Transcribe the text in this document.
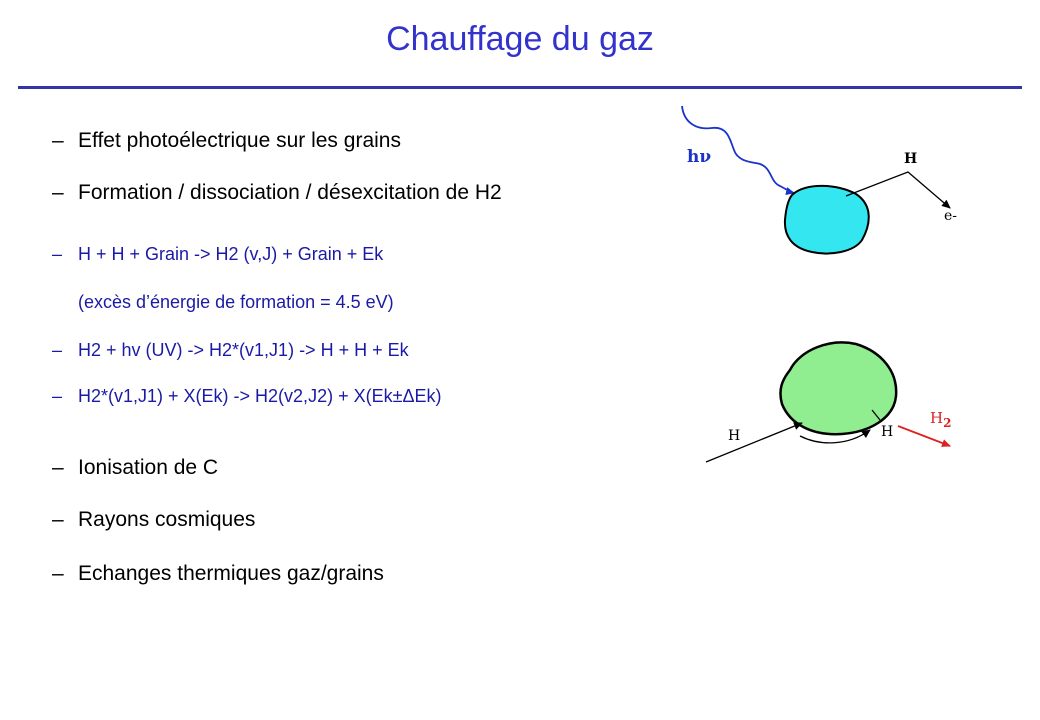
Chauffage du gaz
– Effet photoélectrique sur les grains
– Formation / dissociation / désexcitation de H2
– H + H + Grain -> H2 (v,J) + Grain + Ek
(excès d’énergie de formation = 4.5 eV)
– H2 + hv (UV) -> H2*(v1,J1) -> H + H + Ek
– H2*(v1,J1) + X(Ek) -> H2(v2,J2) + X(Ek±ΔEk)
– Ionisation de C
– Rayons cosmiques
– Echanges thermiques gaz/grains
hν	H
e-
H	H
$H_2$
